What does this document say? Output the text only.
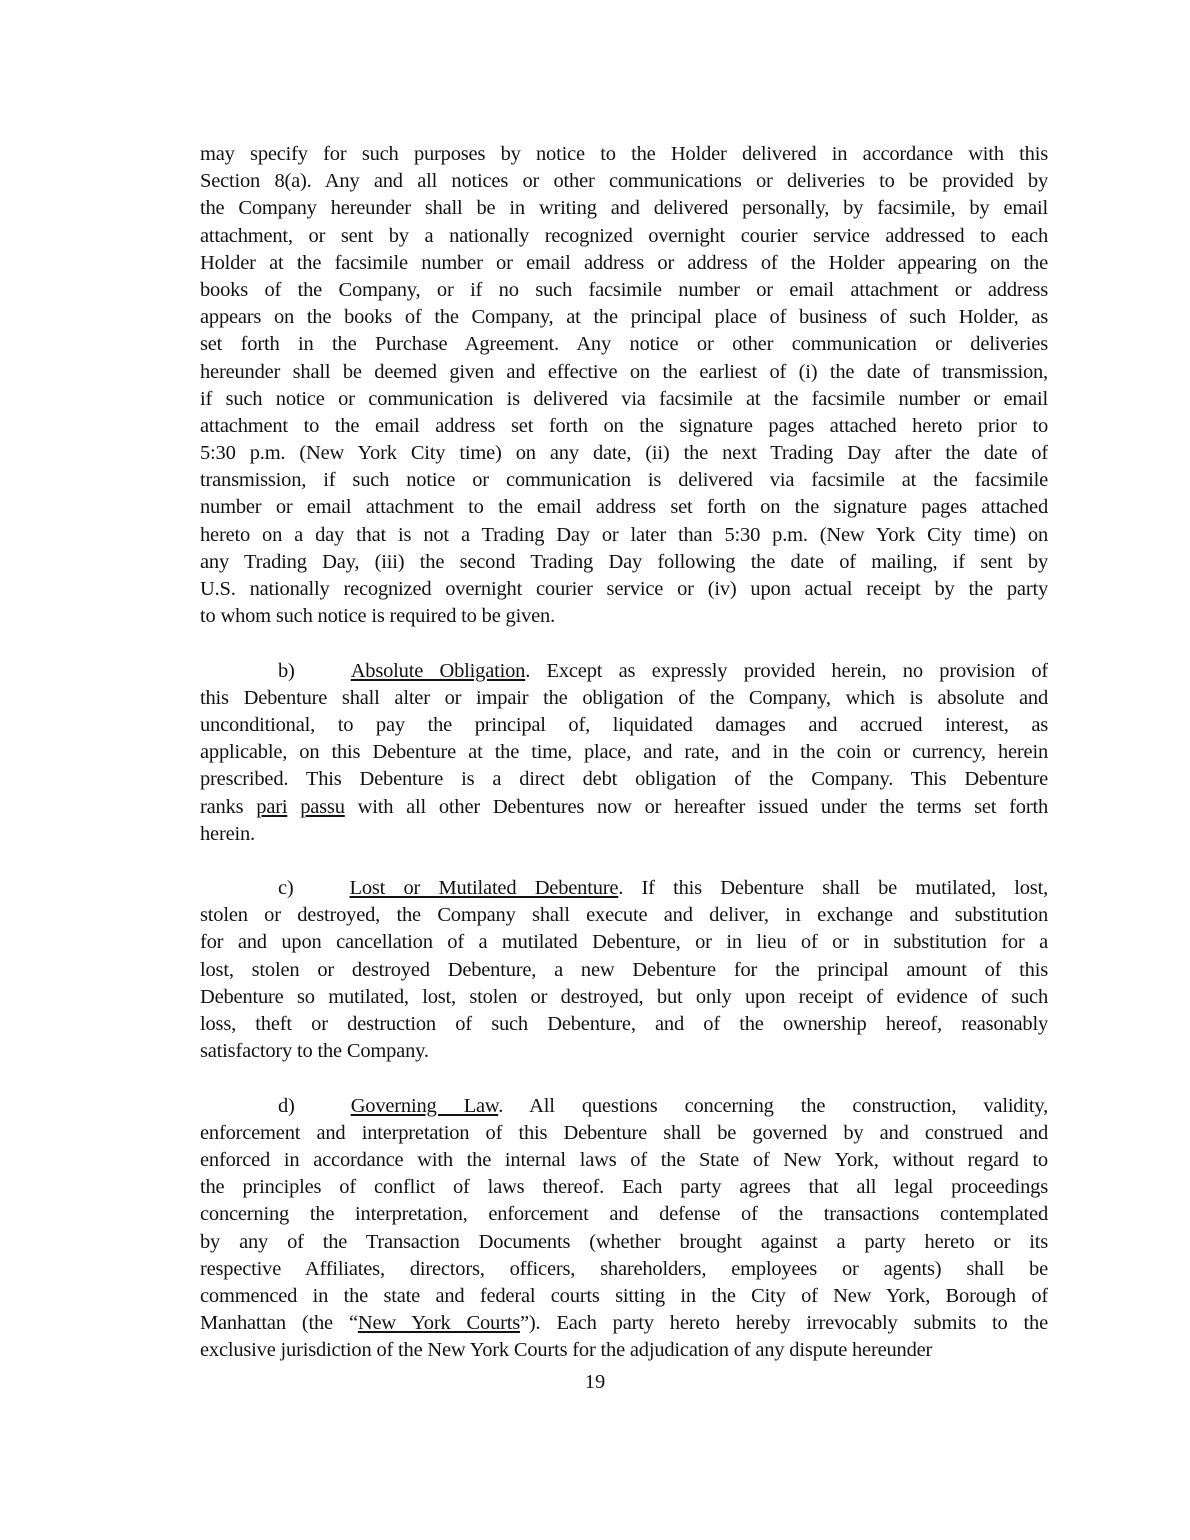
may specify for such purposes by notice to the Holder delivered in accordance with this
Section 8(a). Any and all notices or other communications or deliveries to be provided by
the Company hereunder shall be in writing and delivered personally, by facsimile, by email
attachment, or sent by a nationally recognized overnight courier service addressed to each
Holder at the facsimile number or email address or address of the Holder appearing on the
books of the Company, or if no such facsimile number or email attachment or address
appears on the books of the Company, at the principal place of business of such Holder, as
set forth in the Purchase Agreement. Any notice or other communication or deliveries
hereunder shall be deemed given and effective on the earliest of (i) the date of transmission,
if such notice or communication is delivered via facsimile at the facsimile number or email
attachment to the email address set forth on the signature pages attached hereto prior to
5:30 p.m. (New York City time) on any date, (ii) the next Trading Day after the date of
transmission, if such notice or communication is delivered via facsimile at the facsimile
number or email attachment to the email address set forth on the signature pages attached
hereto on a day that is not a Trading Day or later than 5:30 p.m. (New York City time) on
any Trading Day, (iii) the second Trading Day following the date of mailing, if sent by
U.S. nationally recognized overnight courier service or (iv) upon actual receipt by the party
to whom such notice is required to be given.
b)	Absolute Obligation. Except as expressly provided herein, no provision of
this Debenture shall alter or impair the obligation of the Company, which is absolute and
unconditional, to pay the principal of, liquidated damages and accrued interest, as
applicable, on this Debenture at the time, place, and rate, and in the coin or currency, herein
prescribed. This Debenture is a direct debt obligation of the Company. This Debenture
ranks pari passu with all other Debentures now or hereafter issued under the terms set forth
herein.
c)	Lost or Mutilated Debenture. If this Debenture shall be mutilated, lost,
stolen or destroyed, the Company shall execute and deliver, in exchange and substitution
for and upon cancellation of a mutilated Debenture, or in lieu of or in substitution for a
lost, stolen or destroyed Debenture, a new Debenture for the principal amount of this
Debenture so mutilated, lost, stolen or destroyed, but only upon receipt of evidence of such
loss, theft or destruction of such Debenture, and of the ownership hereof, reasonably
satisfactory to the Company.
d)	Governing Law. All questions concerning the construction, validity,
enforcement and interpretation of this Debenture shall be governed by and construed and
enforced in accordance with the internal laws of the State of New York, without regard to
the principles of conflict of laws thereof. Each party agrees that all legal proceedings
concerning the interpretation, enforcement and defense of the transactions contemplated
by any of the Transaction Documents (whether brought against a party hereto or its
respective Affiliates, directors, officers, shareholders, employees or agents) shall be
commenced in the state and federal courts sitting in the City of New York, Borough of
Manhattan (the “New York Courts”). Each party hereto hereby irrevocably submits to the
exclusive jurisdiction of the New York Courts for the adjudication of any dispute hereunder
19
